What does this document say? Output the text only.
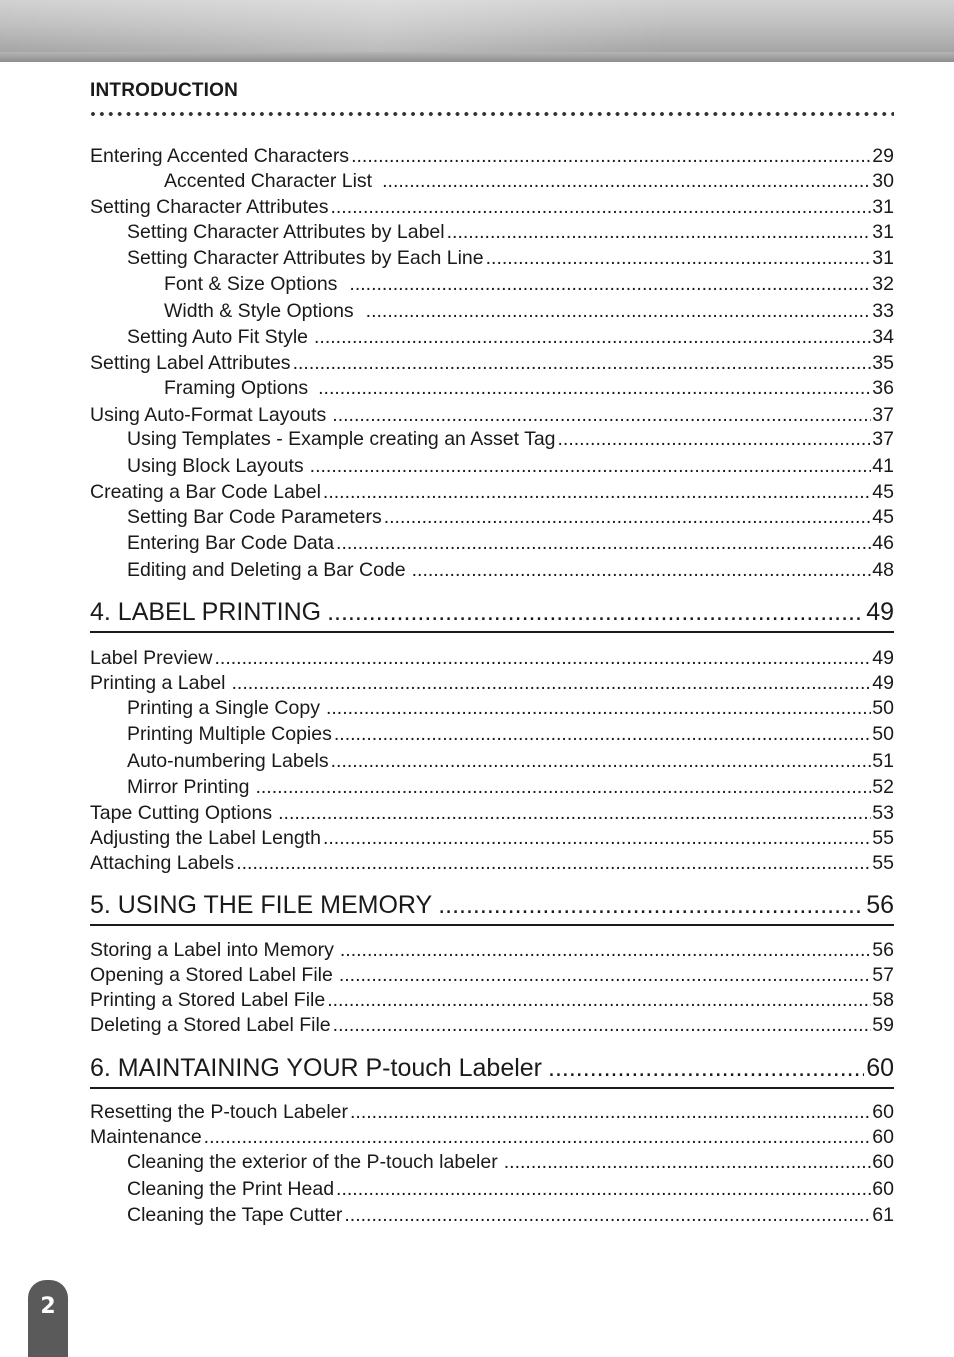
INTRODUCTION
Entering Accented Characters .....	29
Accented Character List .....	30
Setting Character Attributes .....	31
Setting Character Attributes by Label .....	31
Setting Character Attributes by Each Line .....	31
Font & Size Options .....	32
Width & Style Options .....	33
Setting Auto Fit Style .....	34
Setting Label Attributes .....	35
Framing Options .....	36
Using Auto-Format Layouts .....	37
Using Templates - Example creating an Asset Tag .....	37
Using Block Layouts .....	41
Creating a Bar Code Label .....	45
Setting Bar Code Parameters .....	45
Entering Bar Code Data .....	46
Editing and Deleting a Bar Code .....	48
4. LABEL PRINTING .....	49
Label Preview .....	49
Printing a Label .....	49
Printing a Single Copy .....	50
Printing Multiple Copies .....	50
Auto-numbering Labels .....	51
Mirror Printing .....	52
Tape Cutting Options .....	53
Adjusting the Label Length .....	55
Attaching Labels .....	55
5. USING THE FILE MEMORY .....	56
Storing a Label into Memory .....	56
Opening a Stored Label File .....	57
Printing a Stored Label File .....	58
Deleting a Stored Label File .....	59
6. MAINTAINING YOUR P-touch Labeler .....	60
Resetting the P-touch Labeler .....	60
Maintenance .....	60
Cleaning the exterior of the P-touch labeler .....	60
Cleaning the Print Head .....	60
Cleaning the Tape Cutter .....	61
2
